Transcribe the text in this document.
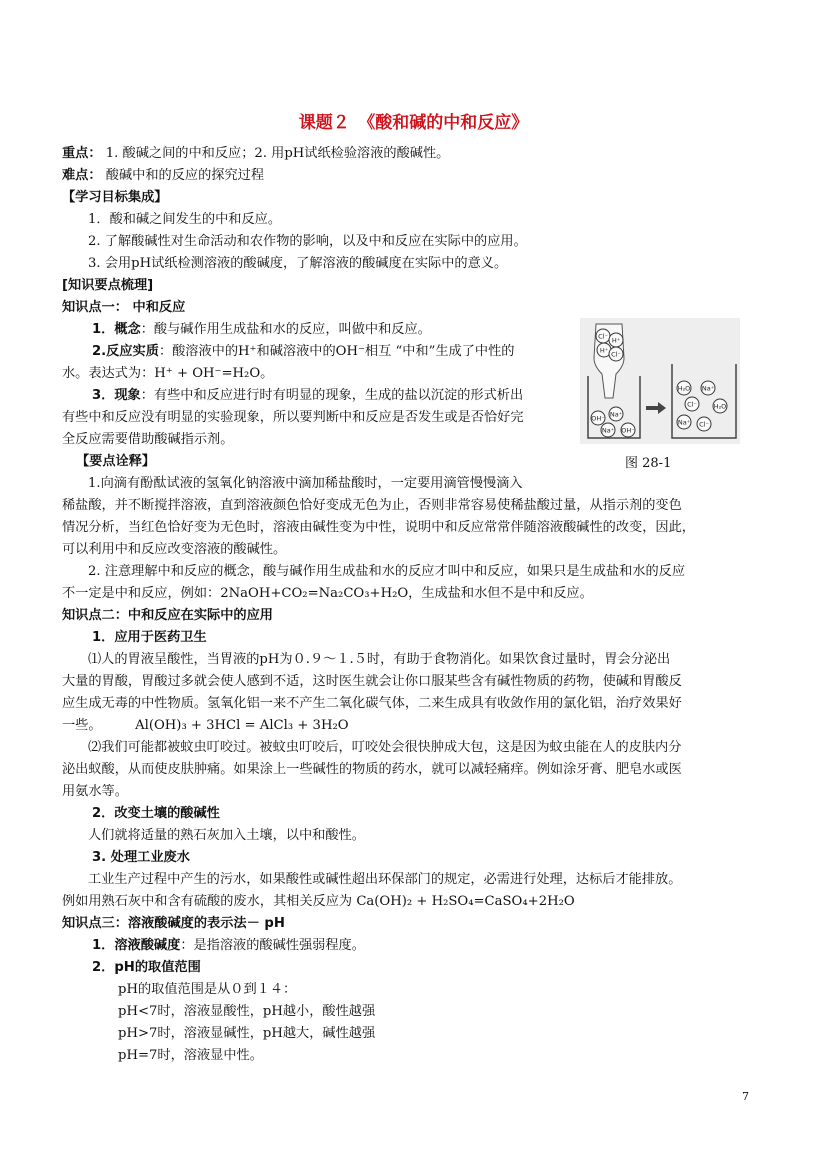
课题２　《酸和碱的中和反应》
重点： 1. 酸碱之间的中和反应；2. 用pH试纸检验溶液的酸碱性。
难点： 酸碱中和的反应的探究过程
【学习目标集成】
1．酸和碱之间发生的中和反应。
2. 了解酸碱性对生命活动和农作物的影响，以及中和反应在实际中的应用。
3. 会用pH试纸检测溶液的酸碱度，了解溶液的酸碱度在实际中的意义。
[知识要点梳理]
知识点一： 中和反应
1．概念：酸与碱作用生成盐和水的反应，叫做中和反应。
2.反应实质：酸溶液中的H⁺和碱溶液中的OH⁻相互 “中和”生成了中性的
水。表达式为：H⁺ + OH⁻=H₂O。
3．现象：有些中和反应进行时有明显的现象，生成的盐以沉淀的形式析出
有些中和反应没有明显的实验现象，所以要判断中和反应是否发生或是否恰好完
全反应需要借助酸碱指示剂。
【要点诠释】
1.向滴有酚酞试液的氢氧化钠溶液中滴加稀盐酸时，一定要用滴管慢慢滴入
稀盐酸，并不断搅拌溶液，直到溶液颜色恰好变成无色为止，否则非常容易使稀盐酸过量，从指示剂的变色
情况分析，当红色恰好变为无色时，溶液由碱性变为中性，说明中和反应常常伴随溶液酸碱性的改变，因此，
可以利用中和反应改变溶液的酸碱性。
2. 注意理解中和反应的概念，酸与碱作用生成盐和水的反应才叫中和反应，如果只是生成盐和水的反应
不一定是中和反应，例如：2NaOH+CO₂=Na₂CO₃+H₂O，生成盐和水但不是中和反应。
知识点二：中和反应在实际中的应用
1．应用于医药卫生
⑴人的胃液呈酸性，当胃液的pH为０.９～１.５时，有助于食物消化。如果饮食过量时，胃会分泌出
大量的胃酸，胃酸过多就会使人感到不适，这时医生就会让你口服某些含有碱性物质的药物，使碱和胃酸反
应生成无毒的中性物质。氢氧化铝一来不产生二氧化碳气体，二来生成具有收敛作用的氯化铝，治疗效果好
一些。        Al(OH)₃ + 3HCl = AlCl₃ + 3H₂O
⑵我们可能都被蚊虫叮咬过。被蚊虫叮咬后，叮咬处会很快肿成大包，这是因为蚊虫能在人的皮肤内分
泌出蚁酸，从而使皮肤肿痛。如果涂上一些碱性的物质的药水，就可以减轻痛痒。例如涂牙膏、肥皂水或医
用氨水等。
2．改变土壤的酸碱性
人们就将适量的熟石灰加入土壤，以中和酸性。
3. 处理工业废水
工业生产过程中产生的污水，如果酸性或碱性超出环保部门的规定，必需进行处理，达标后才能排放。
例如用熟石灰中和含有硫酸的废水，其相关反应为 Ca(OH)₂ + H₂SO₄=CaSO₄+2H₂O
知识点三：溶液酸碱度的表示法－ pH
1．溶液酸碱度：是指溶液的酸碱性强弱程度。
2．pH的取值范围
pH的取值范围是从０到１４：
pH<7时，溶液显酸性，pH越小，酸性越强
pH>7时，溶液显碱性，pH越大，碱性越强
pH=7时，溶液显中性。
Cl⁻ H⁺
H⁺ Cl⁻
OH⁻ Na⁺
Na⁺ OH⁻
H₂O Na⁺
Cl⁻	H₂O
Na⁺ Cl⁻
图 28-1
7
